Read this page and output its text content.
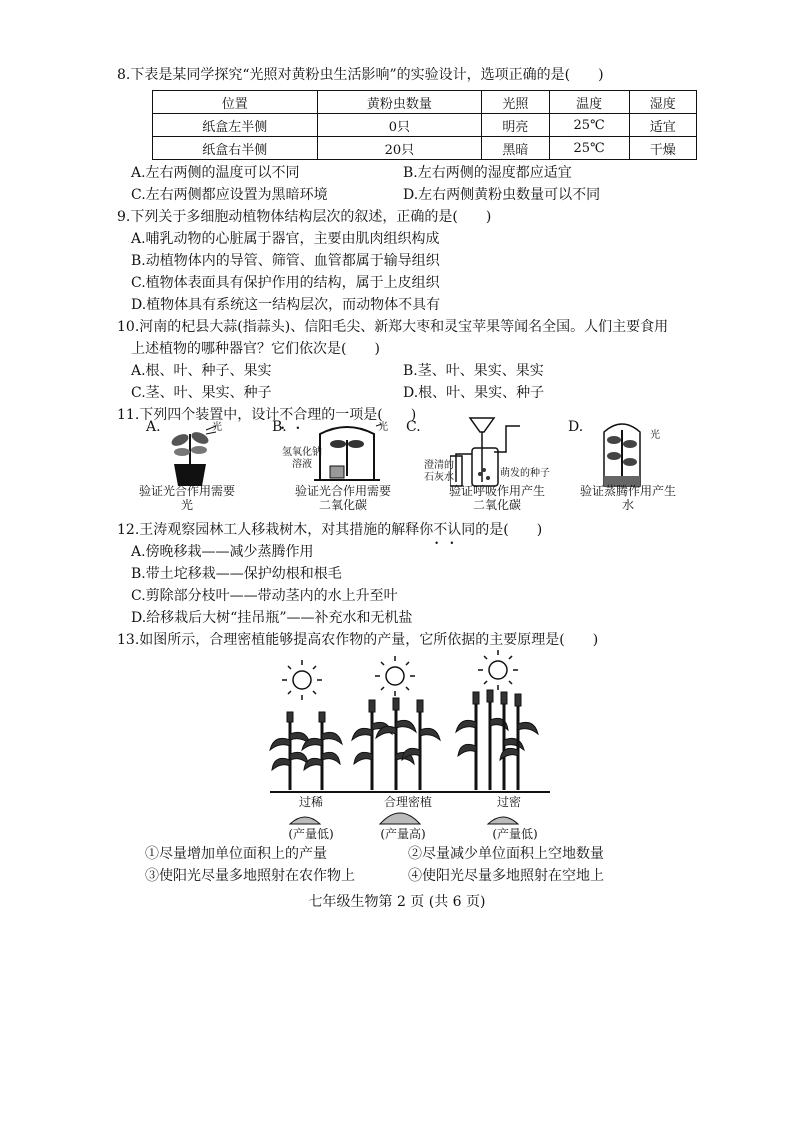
8.下表是某同学探究“光照对黄粉虫生活影响”的实验设计，选项正确的是(　　)
位置	黄粉虫数量	光照	温度	湿度
纸盒左半侧	0只	明亮	25℃	适宜
纸盒右半侧	20只	黑暗	25℃	干燥
A.左右两侧的温度可以不同	B.左右两侧的湿度都应适宜
C.左右两侧都应设置为黑暗环境	D.左右两侧黄粉虫数量可以不同
9.下列关于多细胞动植物体结构层次的叙述，正确的是(　　)
A.哺乳动物的心脏属于器官，主要由肌肉组织构成
B.动植物体内的导管、筛管、血管都属于输导组织
C.植物体表面具有保护作用的结构，属于上皮组织
D.植物体具有系统这一结构层次，而动物体不具有
10.河南的杞县大蒜(指蒜头)、信阳毛尖、新郑大枣和灵宝苹果等闻名全国。人们主要食用
上述植物的哪种器官？它们依次是(　　)
A.根、叶、种子、果实	B.茎、叶、果实、果实
C.茎、叶、果实、种子	D.根、叶、果实、种子
11.下列四个装置中，设计不合理 • •的一项是(　　)
A.	B.	C.	D.
光	光
氢氧化钠溶液	澄清的石灰水	萌发的种子
光
验证光合作用需要光
验证光合作用需要二氧化碳
验证呼吸作用产生二氧化碳
验证蒸腾作用产生水
12.王涛观察园林工人移栽树木，对其措施的解释你不认同 • •的是(　　)
A.傍晚移栽——减少蒸腾作用
B.带土坨移栽——保护幼根和根毛
C.剪除部分枝叶——带动茎内的水上升至叶
D.给移栽后大树“挂吊瓶”——补充水和无机盐
13.如图所示，合理密植能够提高农作物的产量，它所依据的主要原理是(　　)
过稀	合理密植	过密
(产量低)	(产量高)	(产量低)
①尽量增加单位面积上的产量	②尽量减少单位面积上空地数量
③使阳光尽量多地照射在农作物上	④使阳光尽量多地照射在空地上
七年级生物第 2 页 (共 6 页)
